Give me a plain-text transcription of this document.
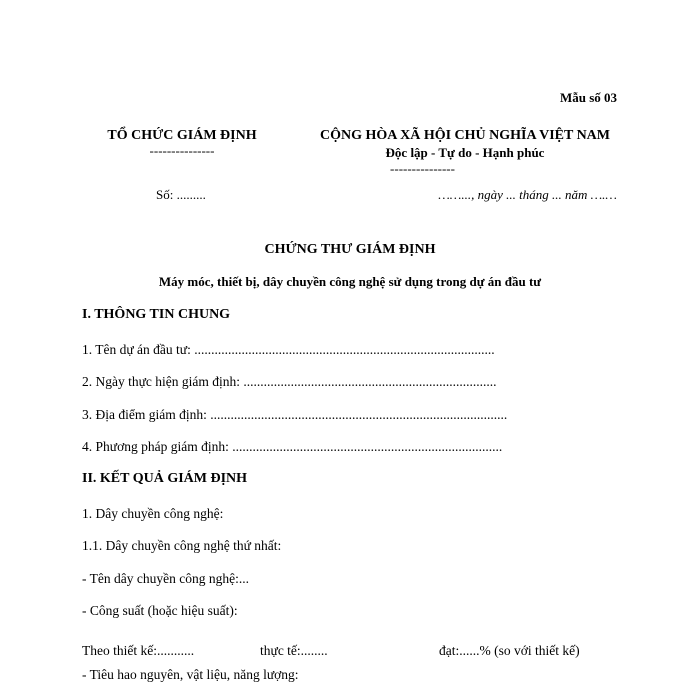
Mẫu số 03
TỔ CHỨC GIÁM ĐỊNH
---------------
CỘNG HÒA XÃ HỘI CHỦ NGHĨA VIỆT NAM
Độc lập - Tự do - Hạnh phúc
---------------
Số: .........	……..., ngày ... tháng ... năm ….…
CHỨNG THƯ GIÁM ĐỊNH
Máy móc, thiết bị, dây chuyền công nghệ sử dụng trong dự án đầu tư
I. THÔNG TIN CHUNG
1. Tên dự án đầu tư: .........................................................................................
2. Ngày thực hiện giám định: ...........................................................................
3. Địa điểm giám định: ........................................................................................
4. Phương pháp giám định: ................................................................................
II. KẾT QUẢ GIÁM ĐỊNH
1. Dây chuyền công nghệ:
1.1. Dây chuyền công nghệ thứ nhất:
- Tên dây chuyền công nghệ:...
- Công suất (hoặc hiệu suất):
Theo thiết kế:...........	thực tế:........	đạt:......% (so với thiết kế)
- Tiêu hao nguyên, vật liệu, năng lượng:
